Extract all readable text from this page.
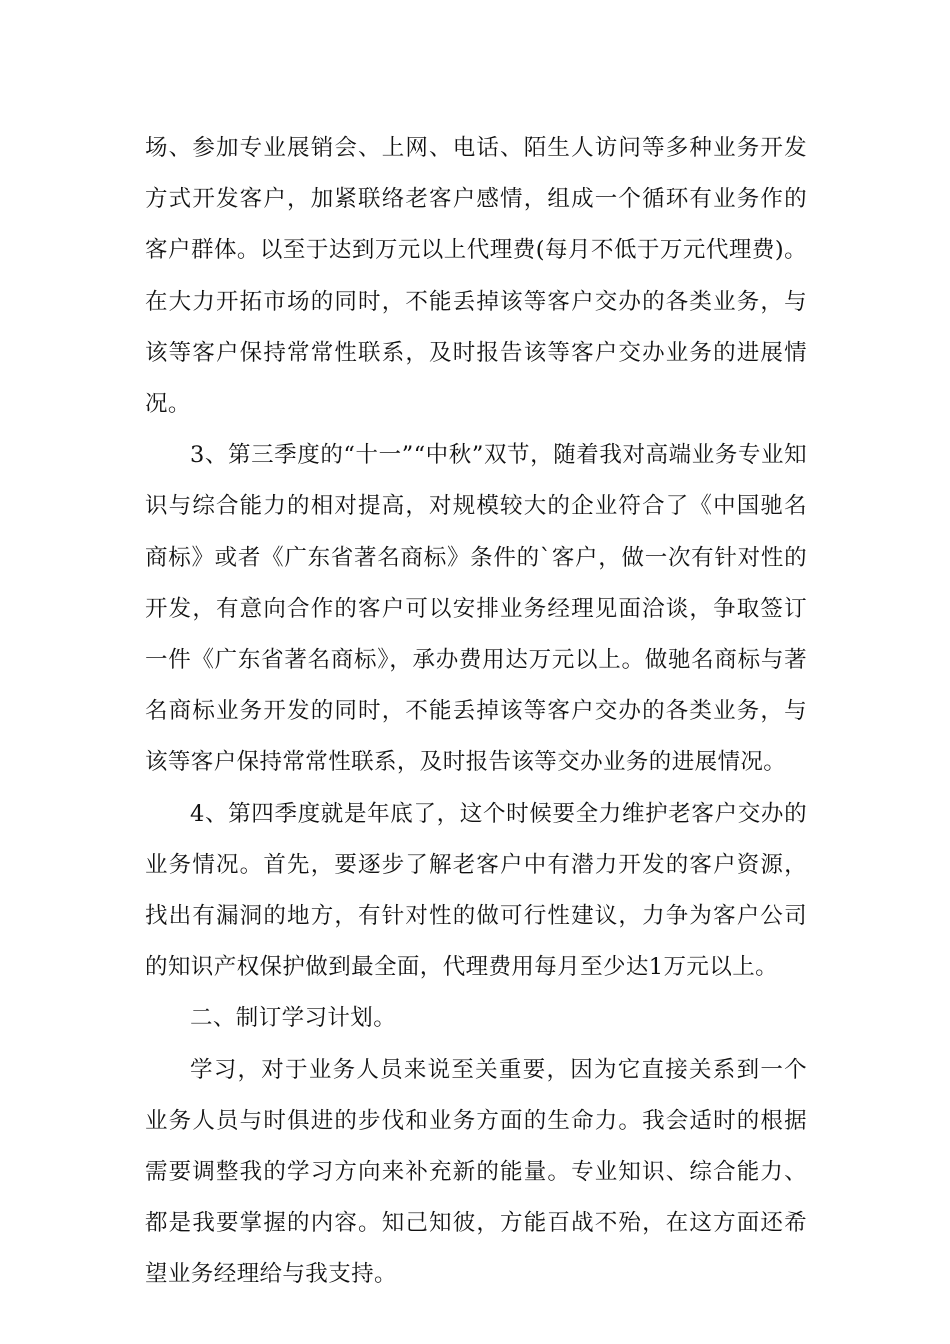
场、参加专业展销会、上网、电话、陌生人访问等多种业务开发方式开发客户，加紧联络老客户感情，组成一个循环有业务作的客户群体。以至于达到万元以上代理费(每月不低于万元代理费)。在大力开拓市场的同时，不能丢掉该等客户交办的各类业务，与该等客户保持常常性联系，及时报告该等客户交办业务的进展情况。

3、第三季度的“十一”“中秋”双节，随着我对高端业务专业知识与综合能力的相对提高，对规模较大的企业符合了《中国驰名商标》或者《广东省著名商标》条件的`客户，做一次有针对性的开发，有意向合作的客户可以安排业务经理见面洽谈，争取签订一件《广东省著名商标》，承办费用达万元以上。做驰名商标与著名商标业务开发的同时，不能丢掉该等客户交办的各类业务，与该等客户保持常常性联系，及时报告该等交办业务的进展情况。

4、第四季度就是年底了，这个时候要全力维护老客户交办的业务情况。首先，要逐步了解老客户中有潜力开发的客户资源，找出有漏洞的地方，有针对性的做可行性建议，力争为客户公司的知识产权保护做到最全面，代理费用每月至少达1万元以上。

二、制订学习计划。

学习，对于业务人员来说至关重要，因为它直接关系到一个业务人员与时俱进的步伐和业务方面的生命力。我会适时的根据需要调整我的学习方向来补充新的能量。专业知识、综合能力、都是我要掌握的内容。知己知彼，方能百战不殆，在这方面还希望业务经理给与我支持。
